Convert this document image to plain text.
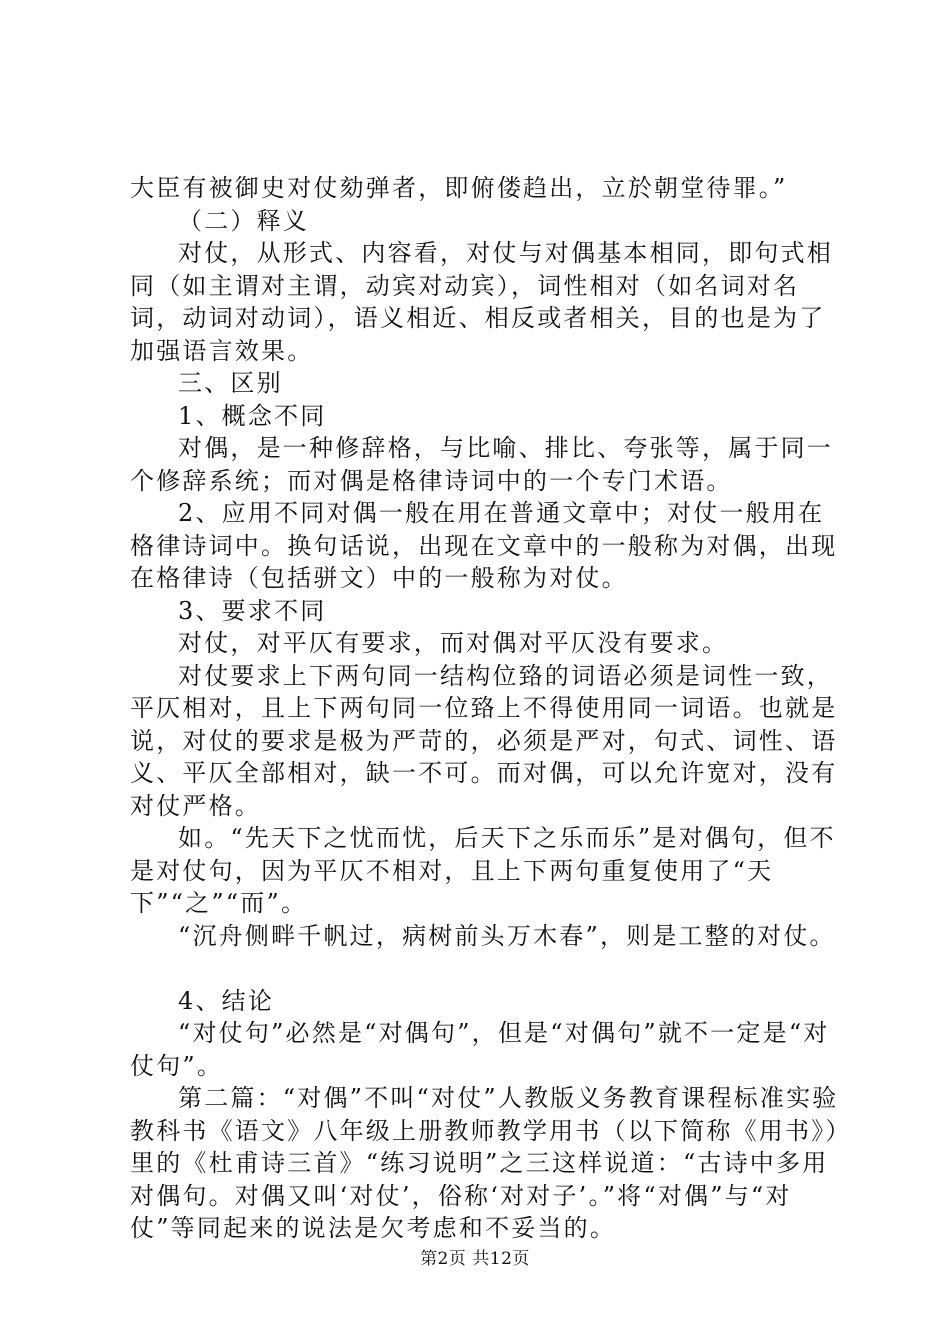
大臣有被御史对仗劾弹者，即俯偻趋出，立於朝堂待罪。”

（二）释义

对仗，从形式、内容看，对仗与对偶基本相同，即句式相同（如主谓对主谓，动宾对动宾），词性相对（如名词对名词，动词对动词），语义相近、相反或者相关，目的也是为了加强语言效果。

三、区别

1、概念不同

对偶，是一种修辞格，与比喻、排比、夸张等，属于同一个修辞系统；而对偶是格律诗词中的一个专门术语。

2、应用不同对偶一般在用在普通文章中；对仗一般用在格律诗词中。换句话说，出现在文章中的一般称为对偶，出现在格律诗（包括骈文）中的一般称为对仗。

3、要求不同

对仗，对平仄有要求，而对偶对平仄没有要求。

对仗要求上下两句同一结构位臵的词语必须是词性一致，平仄相对，且上下两句同一位臵上不得使用同一词语。也就是说，对仗的要求是极为严苛的，必须是严对，句式、词性、语义、平仄全部相对，缺一不可。而对偶，可以允许宽对，没有对仗严格。

如。“先天下之忧而忧，后天下之乐而乐”是对偶句，但不是对仗句，因为平仄不相对，且上下两句重复使用了“天下”“之”“而”。

“沉舟侧畔千帆过，病树前头万木春”，则是工整的对仗。

4、结论

“对仗句”必然是“对偶句”，但是“对偶句”就不一定是“对仗句”。

第二篇：“对偶”不叫“对仗”人教版义务教育课程标准实验教科书《语文》八年级上册教师教学用书（以下简称《用书》）里的《杜甫诗三首》“练习说明”之三这样说道：“古诗中多用对偶句。对偶又叫‘对仗’，俗称‘对对子’。”将“对偶”与“对仗”等同起来的说法是欠考虑和不妥当的。

第2页 共12页
